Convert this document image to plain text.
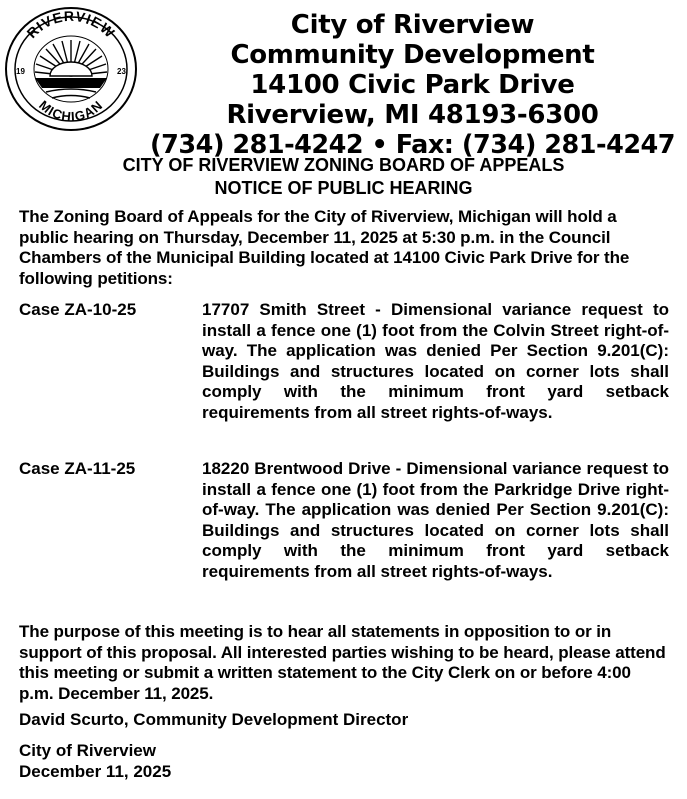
RIVERVIEW
MICHIGAN
19	23
City of Riverview
Community Development
14100 Civic Park Drive
Riverview, MI 48193-6300
(734) 281-4242 • Fax: (734) 281-4247
CITY OF RIVERVIEW ZONING BOARD OF APPEALS
NOTICE OF PUBLIC HEARING
The Zoning Board of Appeals for the City of Riverview, Michigan will hold a public hearing on Thursday, December 11, 2025 at 5:30 p.m. in the Council Chambers of the Municipal Building located at 14100 Civic Park Drive for the following petitions:
Case ZA-10-25	17707 Smith Street - Dimensional variance request to install a fence one (1) foot from the Colvin Street right-of-way. The application was denied Per Section 9.201(C): Buildings and structures located on corner lots shall comply with the minimum front yard setback requirements from all street rights-of-ways.
Case ZA-11-25	18220 Brentwood Drive - Dimensional variance request to install a fence one (1) foot from the Parkridge Drive right-of-way. The application was denied Per Section 9.201(C): Buildings and structures located on corner lots shall comply with the minimum front yard setback requirements from all street rights-of-ways.
The purpose of this meeting is to hear all statements in opposition to or in support of this proposal. All interested parties wishing to be heard, please attend this meeting or submit a written statement to the City Clerk on or before 4:00 p.m. December 11, 2025.
David Scurto, Community Development Director
City of Riverview
December 11, 2025
